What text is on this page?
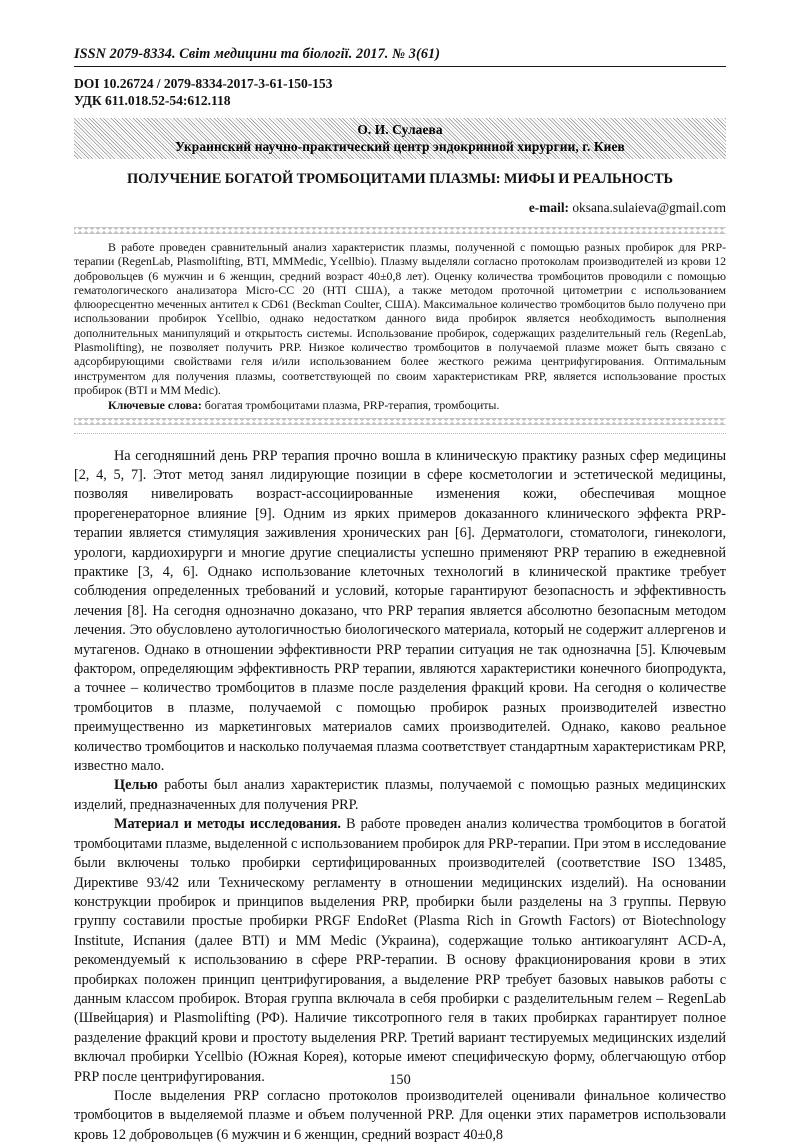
ISSN 2079-8334. Світ медицини та біології. 2017. № 3(61)
DOI 10.26724 / 2079-8334-2017-3-61-150-153
УДК 611.018.52-54:612.118
О. И. Сулаева
Украинский научно-практический центр эндокринной хирургии, г. Киев
ПОЛУЧЕНИЕ БОГАТОЙ ТРОМБОЦИТАМИ ПЛАЗМЫ: МИФЫ И РЕАЛЬНОСТЬ
e-mail: oksana.sulaieva@gmail.com
В работе проведен сравнительный анализ характеристик плазмы, полученной с помощью разных пробирок для PRP-терапии (RegenLab, Plasmolifting, BTI, MMMedic, Ycellbio). Плазму выделяли согласно протоколам производителей из крови 12 добровольцев (6 мужчин и 6 женщин, средний возраст 40±0,8 лет). Оценку количества тромбоцитов проводили с помощью гематологического анализатора Micro-CC 20 (HTI США), а также методом проточной цитометрии с использованием флюоресцентно меченных антител к CD61 (Beckman Coulter, США). Максимальное количество тромбоцитов было получено при использовании пробирок Ycellbio, однако недостатком данного вида пробирок является необходимость выполнения дополнительных манипуляций и открытость системы. Использование пробирок, содержащих разделительный гель (RegenLab, Plasmolifting), не позволяет получить PRP. Низкое количество тромбоцитов в получаемой плазме может быть связано с адсорбирующими свойствами геля и/или использованием более жесткого режима центрифугирования. Оптимальным инструментом для получения плазмы, соответствующей по своим характеристикам PRP, является использование простых пробирок (BTI и MM Medic).
Ключевые слова: богатая тромбоцитами плазма, PRP-терапия, тромбоциты.

На сегодняшний день PRP терапия прочно вошла в клиническую практику разных сфер медицины [2, 4, 5, 7]. Этот метод занял лидирующие позиции в сфере косметологии и эстетической медицины, позволяя нивелировать возраст-ассоциированные изменения кожи, обеспечивая мощное прорегенераторное влияние [9]. Одним из ярких примеров доказанного клинического эффекта PRP-терапии является стимуляция заживления хронических ран [6]. Дерматологи, стоматологи, гинекологи, урологи, кардиохирурги и многие другие специалисты успешно применяют PRP терапию в ежедневной практике [3, 4, 6]. Однако использование клеточных технологий в клинической практике требует соблюдения определенных требований и условий, которые гарантируют безопасность и эффективность лечения [8]. На сегодня однозначно доказано, что PRP терапия является абсолютно безопасным методом лечения. Это обусловлено аутологичностью биологического материала, который не содержит аллергенов и мутагенов. Однако в отношении эффективности PRP терапии ситуация не так однозначна [5]. Ключевым фактором, определяющим эффективность PRP терапии, являются характеристики конечного биопродукта, а точнее – количество тромбоцитов в плазме после разделения фракций крови. На сегодня о количестве тромбоцитов в плазме, получаемой с помощью пробирок разных производителей известно преимущественно из маркетинговых материалов самих производителей. Однако, каково реальное количество тромбоцитов и насколько получаемая плазма соответствует стандартным характеристикам PRP, известно мало.

Целью работы был анализ характеристик плазмы, получаемой с помощью разных медицинских изделий, предназначенных для получения PRP.

Материал и методы исследования. В работе проведен анализ количества тромбоцитов в богатой тромбоцитами плазме, выделенной с использованием пробирок для PRP-терапии. При этом в исследование были включены только пробирки сертифицированных производителей (соответствие ISO 13485, Директиве 93/42 или Техническому регламенту в отношении медицинских изделий). На основании конструкции пробирок и принципов выделения PRP, пробирки были разделены на 3 группы. Первую группу составили простые пробирки PRGF EndoRet (Plasma Rich in Growth Factors) от Biotechnology Institute, Испания (далее BTI) и MM Medic (Украина), содержащие только антикоагулянт ACD-A, рекомендуемый к использованию в сфере PRP-терапии. В основу фракционирования крови в этих пробирках положен принцип центрифугирования, а выделение PRP требует базовых навыков работы с данным классом пробирок. Вторая группа включала в себя пробирки с разделительным гелем – RegenLab (Швейцария) и Plasmolifting (РФ). Наличие тиксотропного геля в таких пробирках гарантирует полное разделение фракций крови и простоту выделения PRP. Третий вариант тестируемых медицинских изделий включал пробирки Ycellbio (Южная Корея), которые имеют специфическую форму, облегчающую отбор PRP после центрифугирования.

После выделения PRP согласно протоколов производителей оценивали финальное количество тромбоцитов в выделяемой плазме и объем полученной PRP. Для оценки этих параметров использовали кровь 12 добровольцев (6 мужчин и 6 женщин, средний возраст 40±0,8

150
